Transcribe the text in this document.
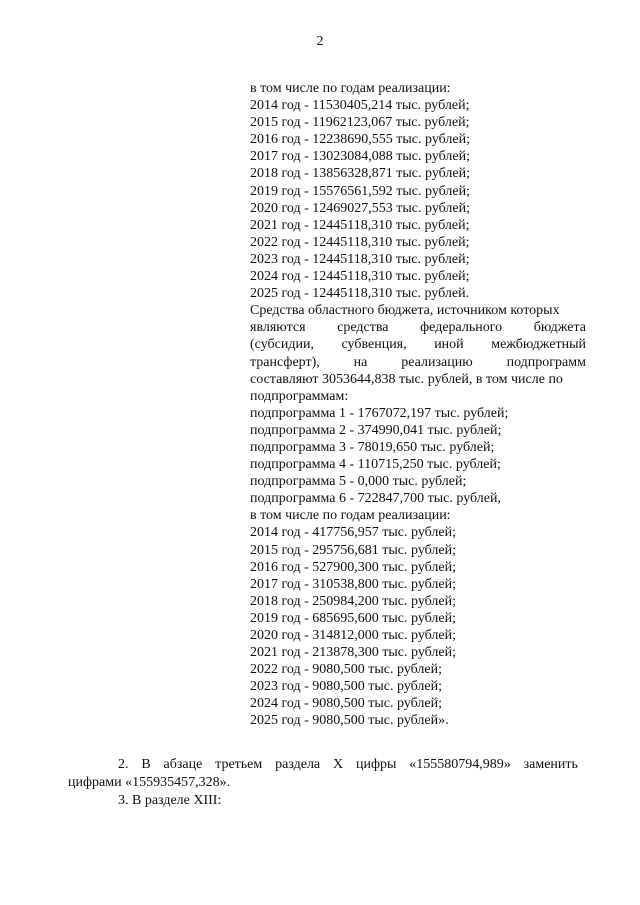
2
в том числе по годам реализации:
2014 год - 11530405,214 тыс. рублей;
2015 год - 11962123,067 тыс. рублей;
2016 год - 12238690,555 тыс. рублей;
2017 год - 13023084,088 тыс. рублей;
2018 год - 13856328,871 тыс. рублей;
2019 год - 15576561,592 тыс. рублей;
2020 год - 12469027,553 тыс. рублей;
2021 год - 12445118,310 тыс. рублей;
2022 год - 12445118,310 тыс. рублей;
2023 год - 12445118,310 тыс. рублей;
2024 год - 12445118,310 тыс. рублей;
2025 год - 12445118,310 тыс. рублей.
Средства областного бюджета, источником которых
являются средства федерального бюджета
(субсидии, субвенция, иной межбюджетный
трансферт), на реализацию подпрограмм
составляют 3053644,838 тыс. рублей, в том числе по
подпрограммам:
подпрограмма 1 - 1767072,197 тыс. рублей;
подпрограмма 2 - 374990,041 тыс. рублей;
подпрограмма 3 - 78019,650 тыс. рублей;
подпрограмма 4 - 110715,250 тыс. рублей;
подпрограмма 5 - 0,000 тыс. рублей;
подпрограмма 6 - 722847,700 тыс. рублей,
в том числе по годам реализации:
2014 год - 417756,957 тыс. рублей;
2015 год - 295756,681 тыс. рублей;
2016 год - 527900,300 тыс. рублей;
2017 год - 310538,800 тыс. рублей;
2018 год - 250984,200 тыс. рублей;
2019 год - 685695,600 тыс. рублей;
2020 год - 314812,000 тыс. рублей;
2021 год - 213878,300 тыс. рублей;
2022 год - 9080,500 тыс. рублей;
2023 год - 9080,500 тыс. рублей;
2024 год - 9080,500 тыс. рублей;
2025 год - 9080,500 тыс. рублей».
2. В абзаце третьем раздела X цифры «155580794,989» заменить
цифрами «155935457,328».
3. В разделе XIII:
